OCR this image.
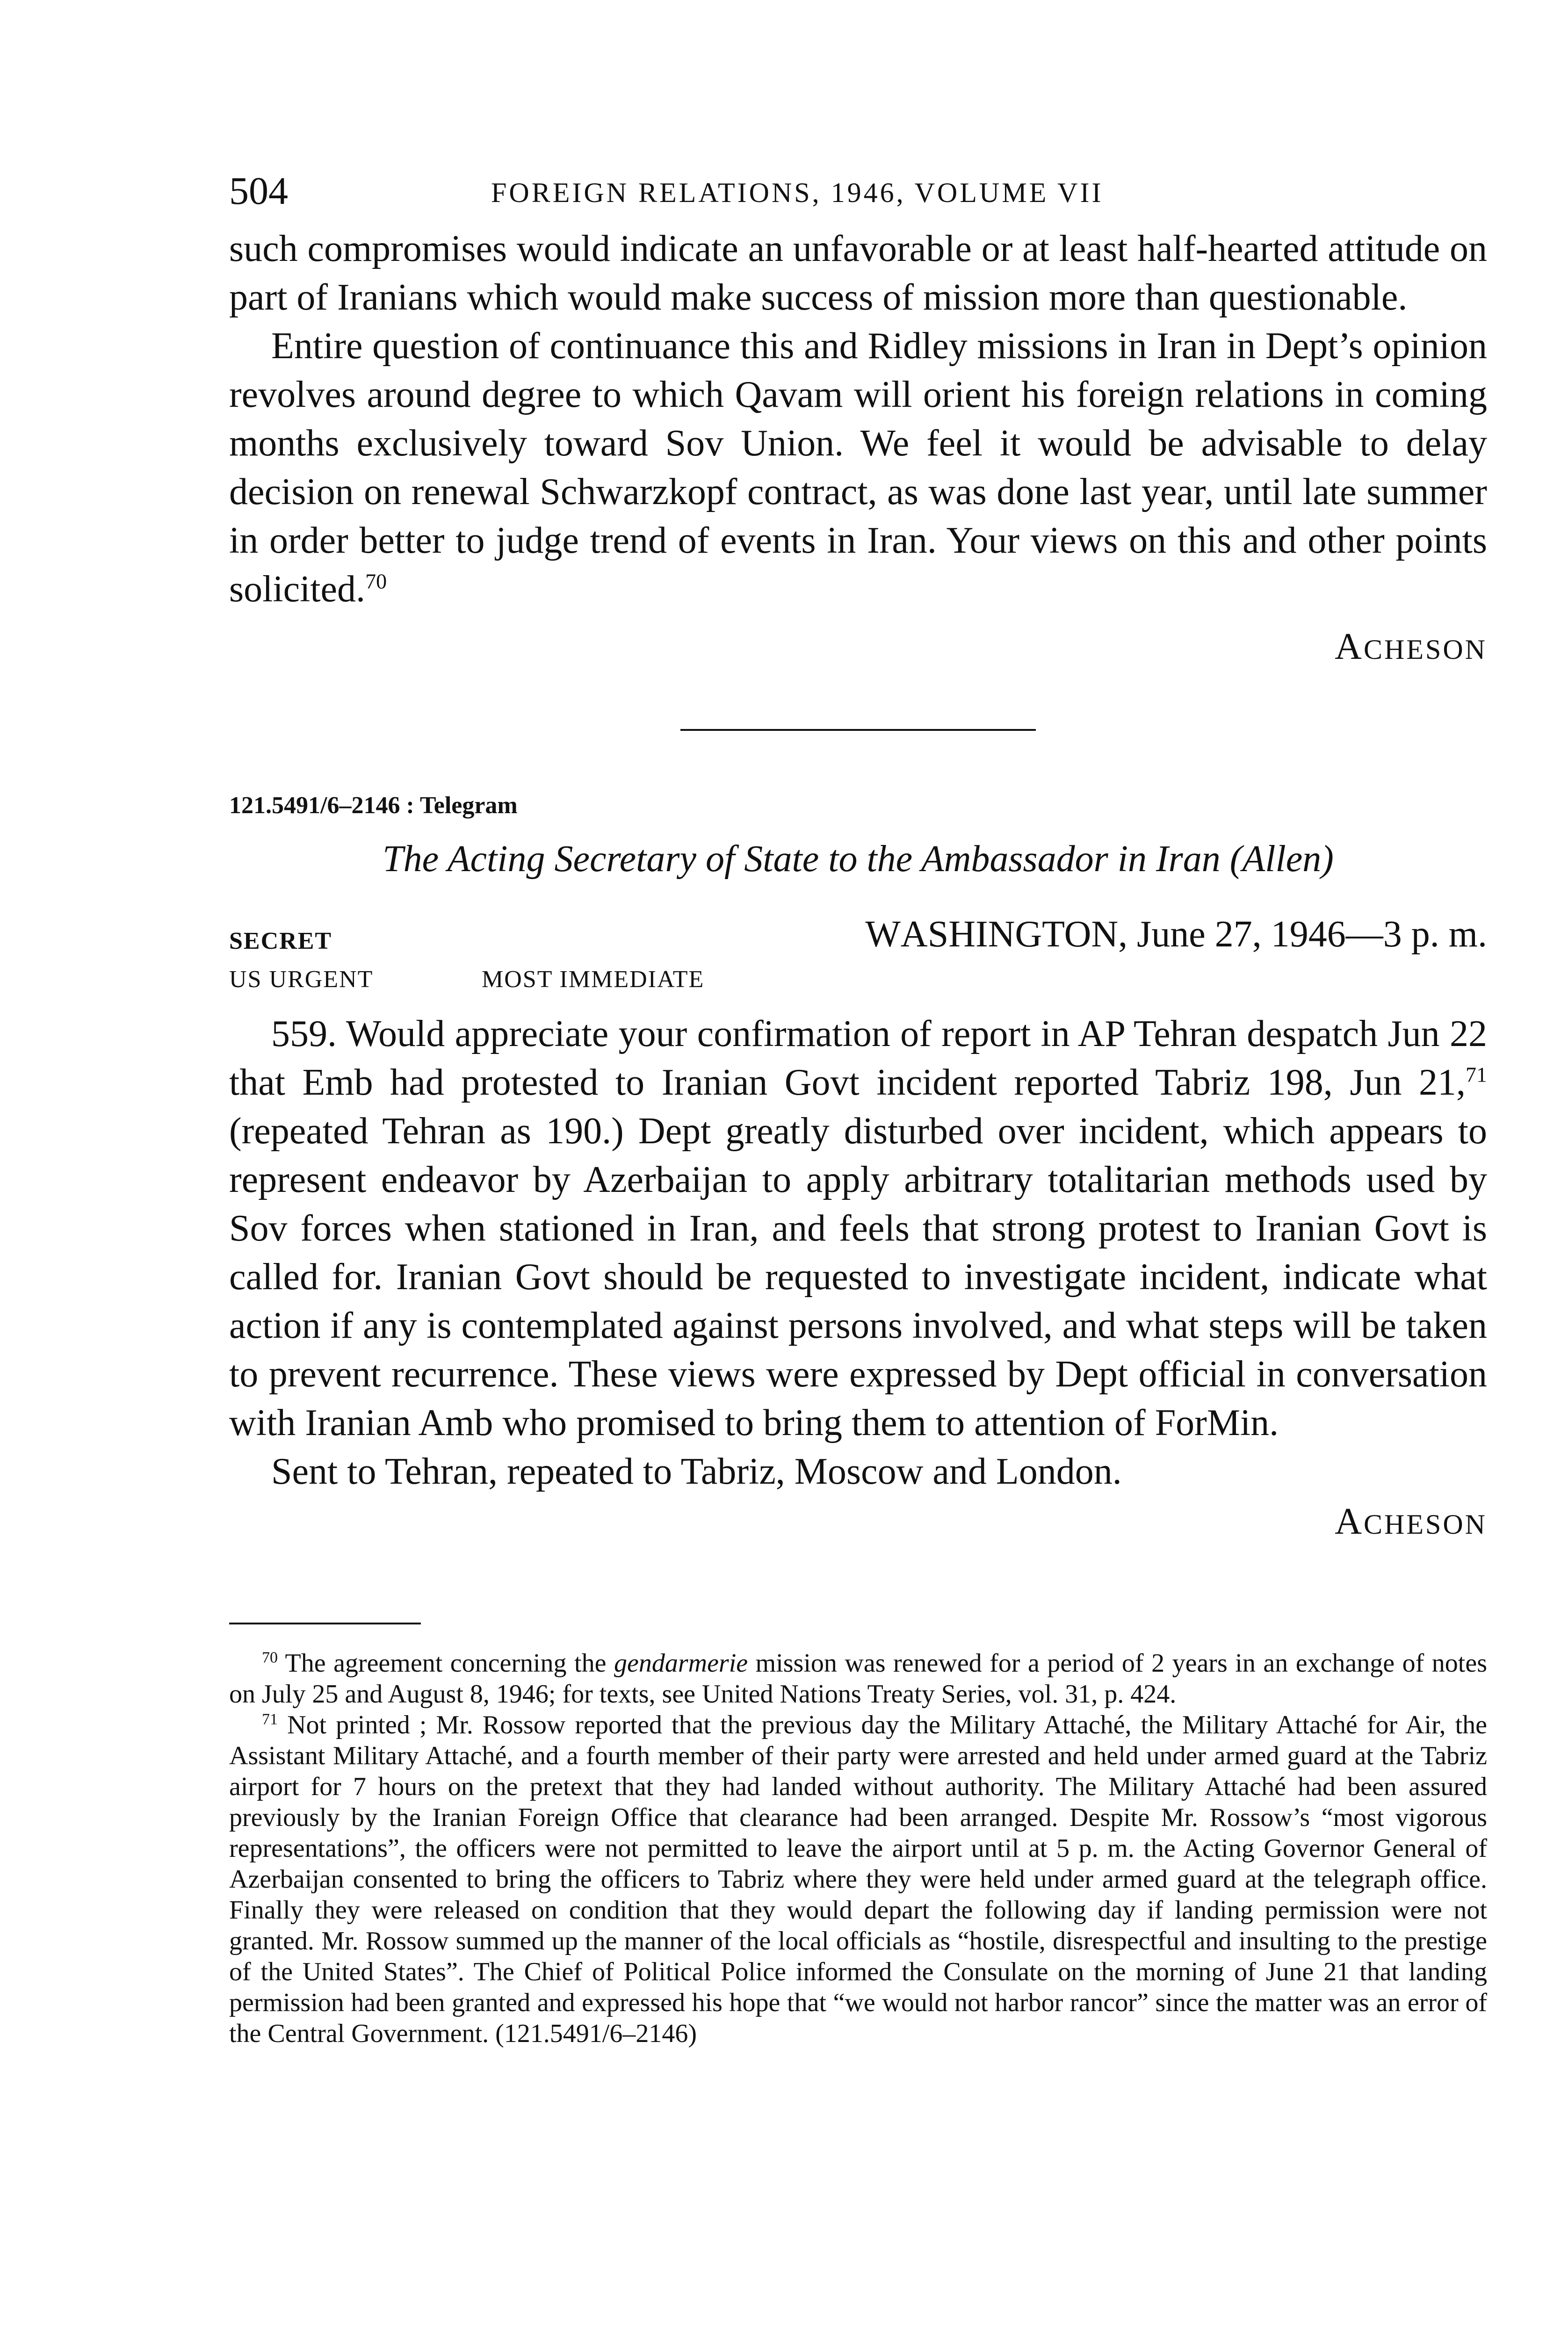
504	FOREIGN RELATIONS, 1946, VOLUME VII

such compromises would indicate an unfavorable or at least half-hearted attitude on part of Iranians which would make success of mission more than questionable.

Entire question of continuance this and Ridley missions in Iran in Dept’s opinion revolves around degree to which Qavam will orient his foreign relations in coming months exclusively toward Sov Union. We feel it would be advisable to delay decision on renewal Schwarzkopf contract, as was done last year, until late summer in order better to judge trend of events in Iran. Your views on this and other points solicited.$^{70}$

ACHESON
121.5491/6–2146 : Telegram
The Acting Secretary of State to the Ambassador in Iran (Allen)
SECRET	WASHINGTON, June 27, 1946—3 p. m.
US URGENT	MOST IMMEDIATE

559. Would appreciate your confirmation of report in AP Tehran despatch Jun 22 that Emb had protested to Iranian Govt incident reported Tabriz 198, Jun 21,71 (repeated Tehran as 190.) Dept greatly disturbed over incident, which appears to represent endeavor by Azerbaijan to apply arbitrary totalitarian methods used by Sov forces when stationed in Iran, and feels that strong protest to Iranian Govt is called for. Iranian Govt should be requested to investigate incident, indicate what action if any is contemplated against persons involved, and what steps will be taken to prevent recurrence. These views were expressed by Dept official in conversation with Iranian Amb who promised to bring them to attention of ForMin.

Sent to Tehran, repeated to Tabriz, Moscow and London.

ACHESON

$^{70}$ The agreement concerning the gendarmerie mission was renewed for a period of 2 years in an exchange of notes on July 25 and August 8, 1946; for texts, see United Nations Treaty Series, vol. 31, p. 424.

$^{71}$ Not printed ; Mr. Rossow reported that the previous day the Military Attaché, the Military Attaché for Air, the Assistant Military Attaché, and a fourth member of their party were arrested and held under armed guard at the Tabriz airport for 7 hours on the pretext that they had landed without authority. The Military Attaché had been assured previously by the Iranian Foreign Office that clearance had been arranged. Despite Mr. Rossow’s “most vigorous representations”, the officers were not permitted to leave the airport until at 5 p. m. the Acting Governor General of Azerbaijan consented to bring the officers to Tabriz where they were held under armed guard at the telegraph office. Finally they were released on condition that they would depart the following day if landing permission were not granted. Mr. Rossow summed up the manner of the local officials as “hostile, disrespectful and insulting to the prestige of the United States”. The Chief of Political Police informed the Consulate on the morning of June 21 that landing permission had been granted and expressed his hope that “we would not harbor rancor” since the matter was an error of the Central Government. (121.5491/6–2146)
